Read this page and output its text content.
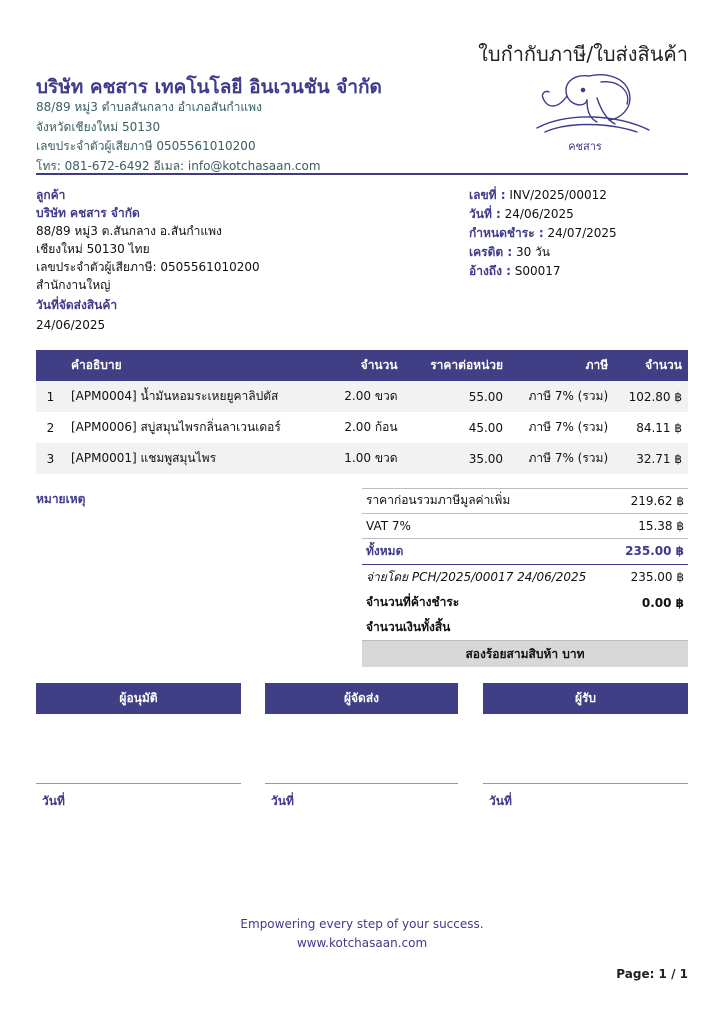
ใบกำกับภาษี/ใบส่งสินค้า
บริษัท คชสาร เทคโนโลยี อินเวนชัน จำกัด
88/89 หมู่3 ตำบลสันกลาง อำเภอสันกำแพง
จังหวัดเชียงใหม่ 50130
เลขประจำตัวผู้เสียภาษี 0505561010200
โทร: 081-672-6492 อีเมล: info@kotchasaan.com
คชสาร
ลูกค้า
บริษัท คชสาร จำกัด
88/89 หมู่3 ต.สันกลาง อ.สันกำแพง
เชียงใหม่ 50130 ไทย
เลขประจำตัวผู้เสียภาษี: 0505561010200
สำนักงานใหญ่
วันที่จัดส่งสินค้า
24/06/2025
เลขที่ : INV/2025/00012
วันที่ : 24/06/2025
กำหนดชำระ : 24/07/2025
เครดิต : 30 วัน
อ้างถึง : S00017
	คำอธิบาย	จำนวน	ราคาต่อหน่วย	ภาษี	จำนวน
1	[APM0004] น้ำมันหอมระเหยยูคาลิปตัส	2.00 ขวด	55.00	ภาษี 7% (รวม)	102.80 ฿
2	[APM0006] สบู่สมุนไพรกลิ่นลาเวนเดอร์	2.00 ก้อน	45.00	ภาษี 7% (รวม)	84.11 ฿
3	[APM0001] แชมพูสมุนไพร	1.00 ขวด	35.00	ภาษี 7% (รวม)	32.71 ฿
หมายเหตุ	ราคาก่อนรวมภาษีมูลค่าเพิ่ม	219.62 ฿
VAT 7%	15.38 ฿
ทั้งหมด	235.00 ฿
จ่ายโดย PCH/2025/00017 24/06/2025	235.00 ฿
จำนวนที่ค้างชำระ	0.00 ฿
จำนวนเงินทั้งสิ้น
สองร้อยสามสิบห้า บาท
ผู้อนุมัติ
วันที่
ผู้จัดส่ง
วันที่
ผู้รับ
วันที่
Empowering every step of your success.
www.kotchasaan.com
Page: 1 / 1
